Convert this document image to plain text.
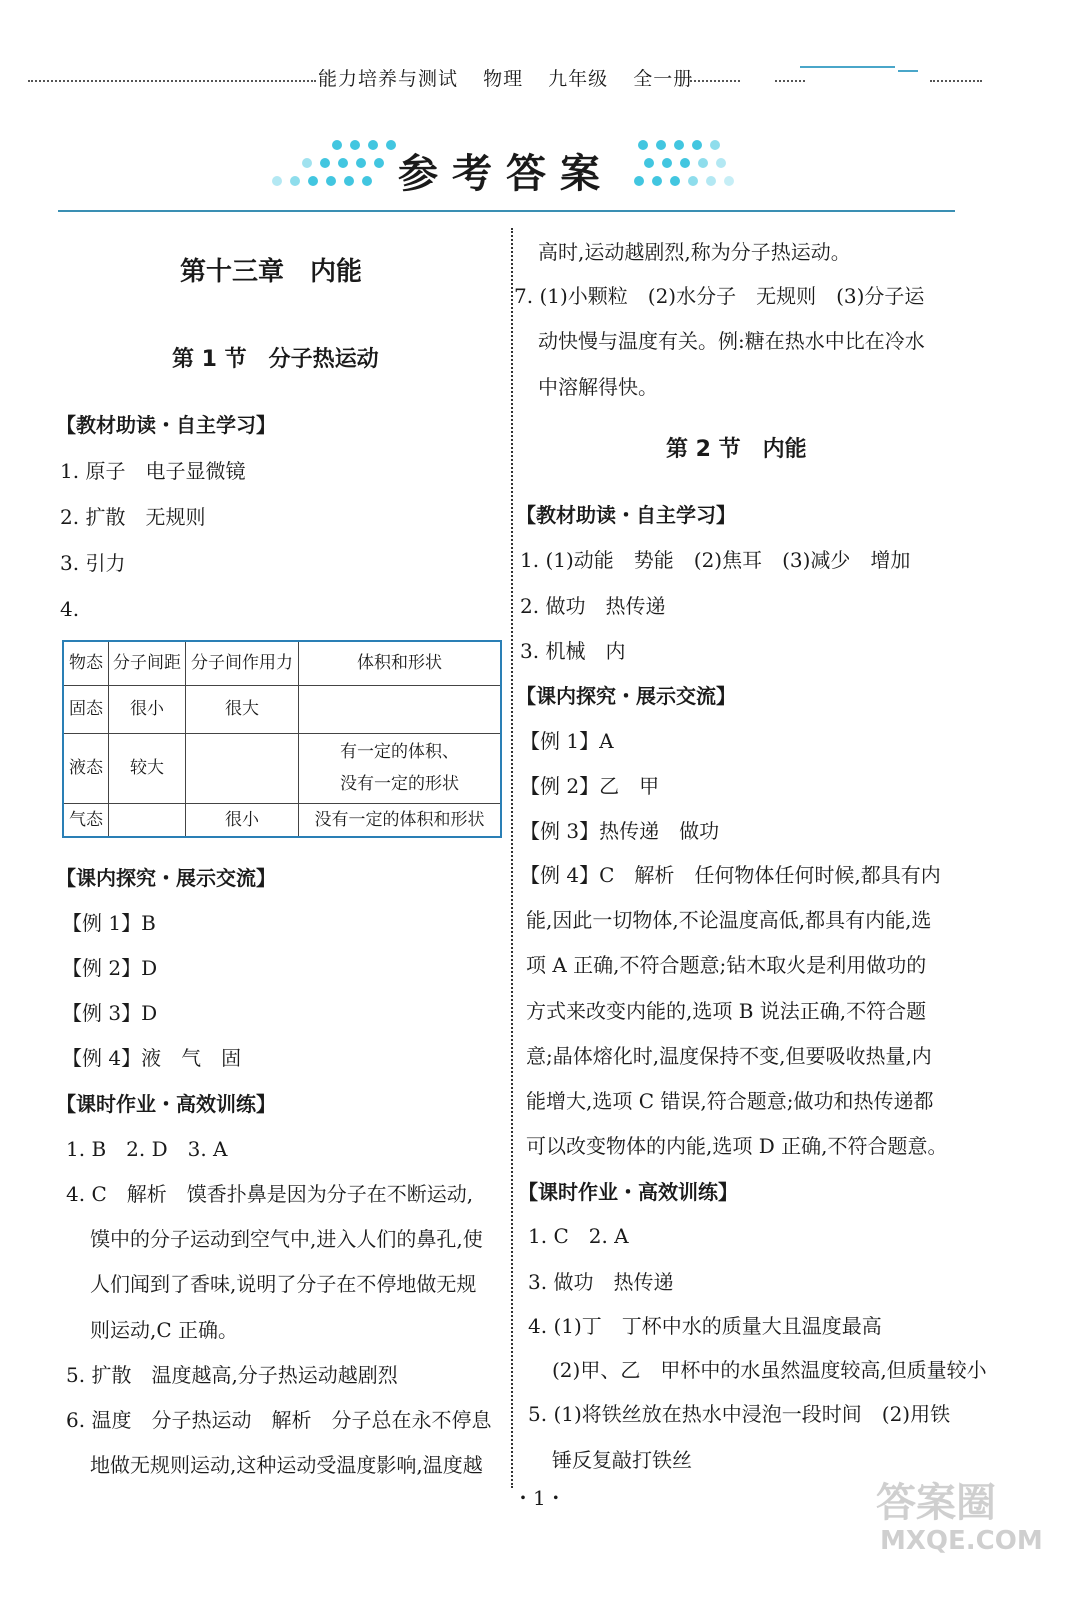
能力培养与测试 物理 九年级 全一册
参考答案
第十三章　内能
第 1 节　分子热运动
【教材助读・自主学习】
1. 原子　电子显微镜
2. 扩散　无规则
3. 引力
4.
物态	分子间距	分子间作用力	体积和形状
固态	很小	很大	
液态	较大		有一定的体积、
没有一定的形状

气态		很小	没有一定的体积和形状
【课内探究・展示交流】
【例 1】B
【例 2】D
【例 3】D
【例 4】液　气　固
【课时作业・高效训练】
1. B　2. D　3. A
4. C　解析　馍香扑鼻是因为分子在不断运动,
馍中的分子运动到空气中,进入人们的鼻孔,使
人们闻到了香味,说明了分子在不停地做无规
则运动,C 正确。
5. 扩散　温度越高,分子热运动越剧烈
6. 温度　分子热运动　解析　分子总在永不停息
地做无规则运动,这种运动受温度影响,温度越
高时,运动越剧烈,称为分子热运动。
7. (1)小颗粒　(2)水分子　无规则　(3)分子运
动快慢与温度有关。例:糖在热水中比在冷水
中溶解得快。
第 2 节　内能
【教材助读・自主学习】
1. (1)动能　势能　(2)焦耳　(3)减少　增加
2. 做功　热传递
3. 机械　内
【课内探究・展示交流】
【例 1】A
【例 2】乙　甲
【例 3】热传递　做功
【例 4】C　解析　任何物体任何时候,都具有内
能,因此一切物体,不论温度高低,都具有内能,选
项 A 正确,不符合题意;钻木取火是利用做功的
方式来改变内能的,选项 B 说法正确,不符合题
意;晶体熔化时,温度保持不变,但要吸收热量,内
能增大,选项 C 错误,符合题意;做功和热传递都
可以改变物体的内能,选项 D 正确,不符合题意。
【课时作业・高效训练】
1. C　2. A
3. 做功　热传递
4. (1)丁　丁杯中水的质量大且温度最高
(2)甲、乙　甲杯中的水虽然温度较高,但质量较小
5. (1)将铁丝放在热水中浸泡一段时间　(2)用铁
锤反复敲打铁丝
・1・	答案圈
MXQE.COM
